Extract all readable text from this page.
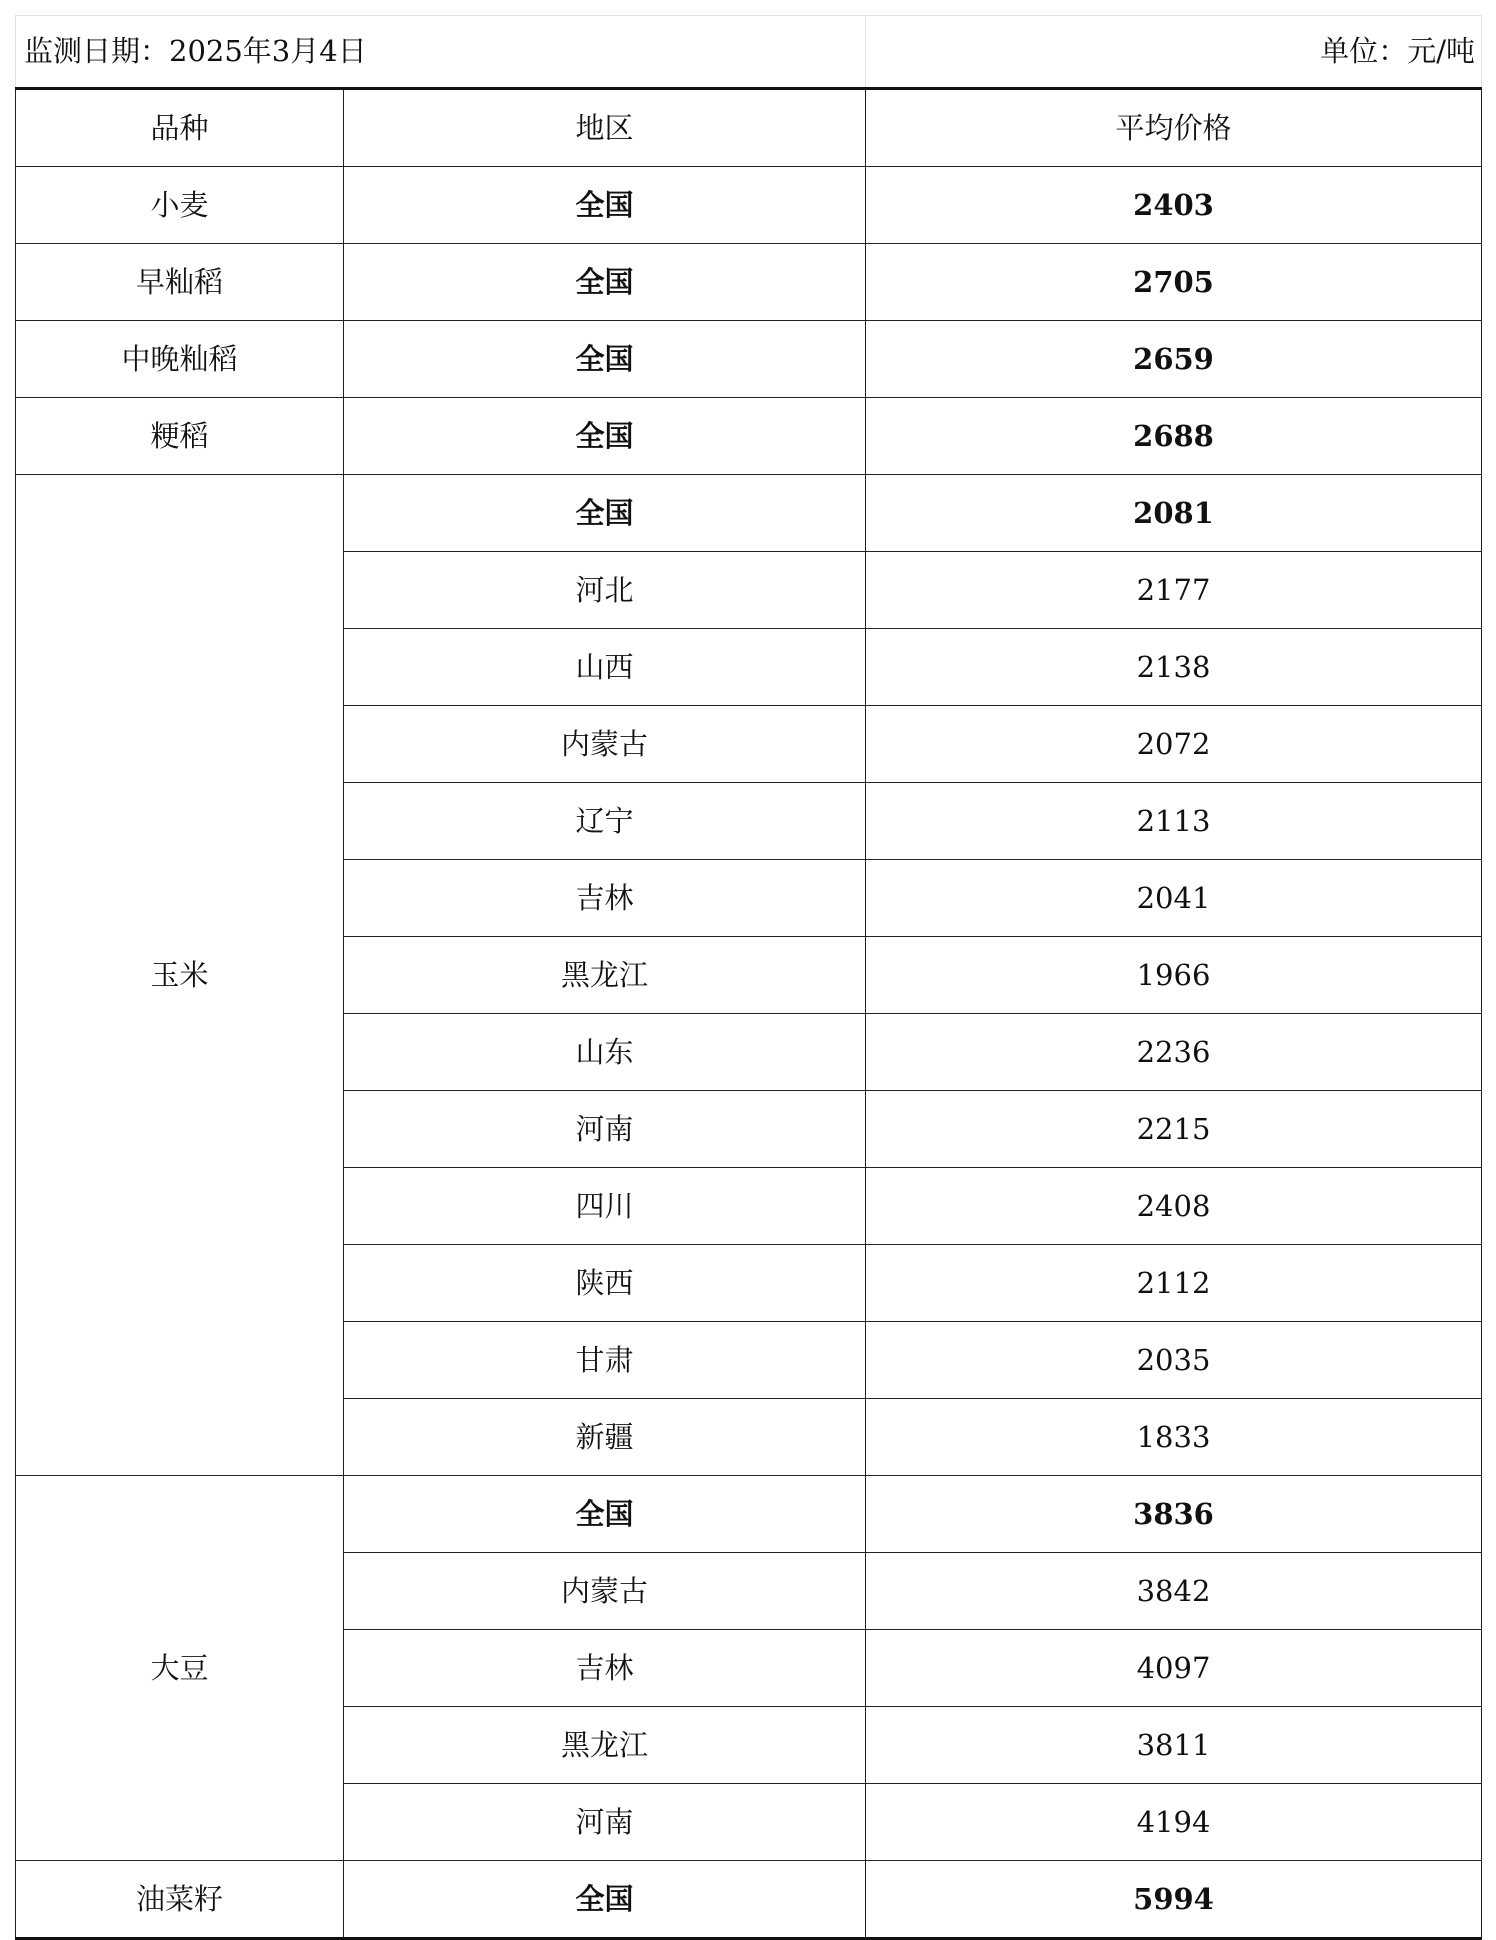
监测日期：2025年3月4日		单位：元/吨
品种	地区	平均价格
小麦	全国	2403
早籼稻	全国	2705
中晚籼稻	全国	2659
粳稻	全国	2688
玉米	全国	2081
	河北	2177
	山西	2138
	内蒙古	2072
	辽宁	2113
	吉林	2041
	黑龙江	1966
	山东	2236
	河南	2215
	四川	2408
	陕西	2112
	甘肃	2035
	新疆	1833
大豆	全国	3836
	内蒙古	3842
	吉林	4097
	黑龙江	3811
	河南	4194
油菜籽	全国	5994
